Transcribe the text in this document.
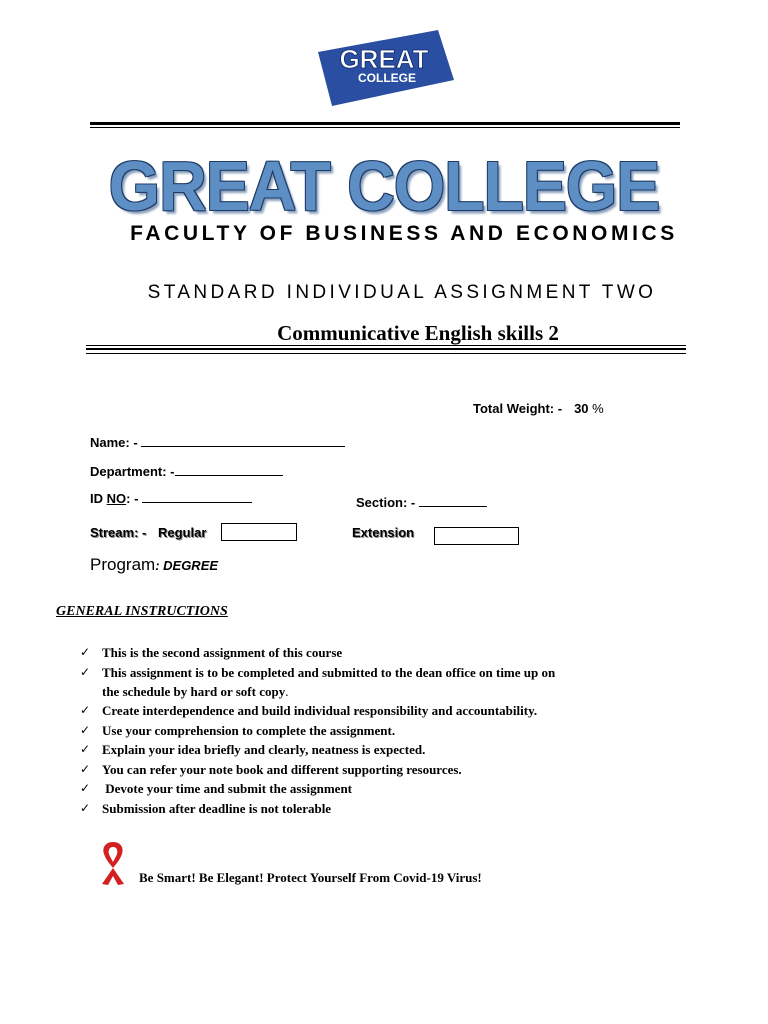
GREAT
COLLEGE
GREAT COLLEGE
FACULTY OF BUSINESS AND ECONOMICS
STANDARD INDIVIDUAL ASSIGNMENT TWO
Communicative English skills 2
Total Weight: - 30 %
Name: -
Department: -
ID NO: -	Section: -
Stream: - Regular	Extension
Program: DEGREE
GENERAL INSTRUCTIONS
✓ This is the second assignment of this course
✓ This assignment is to be completed and submitted to the dean office on time up on
the schedule by hard or soft copy.
✓ Create interdependence and build individual responsibility and accountability.
✓ Use your comprehension to complete the assignment.
✓ Explain your idea briefly and clearly, neatness is expected.
✓ You can refer your note book and different supporting resources.
✓ Devote your time and submit the assignment
✓ Submission after deadline is not tolerable
Be Smart! Be Elegant! Protect Yourself From Covid-19 Virus!
